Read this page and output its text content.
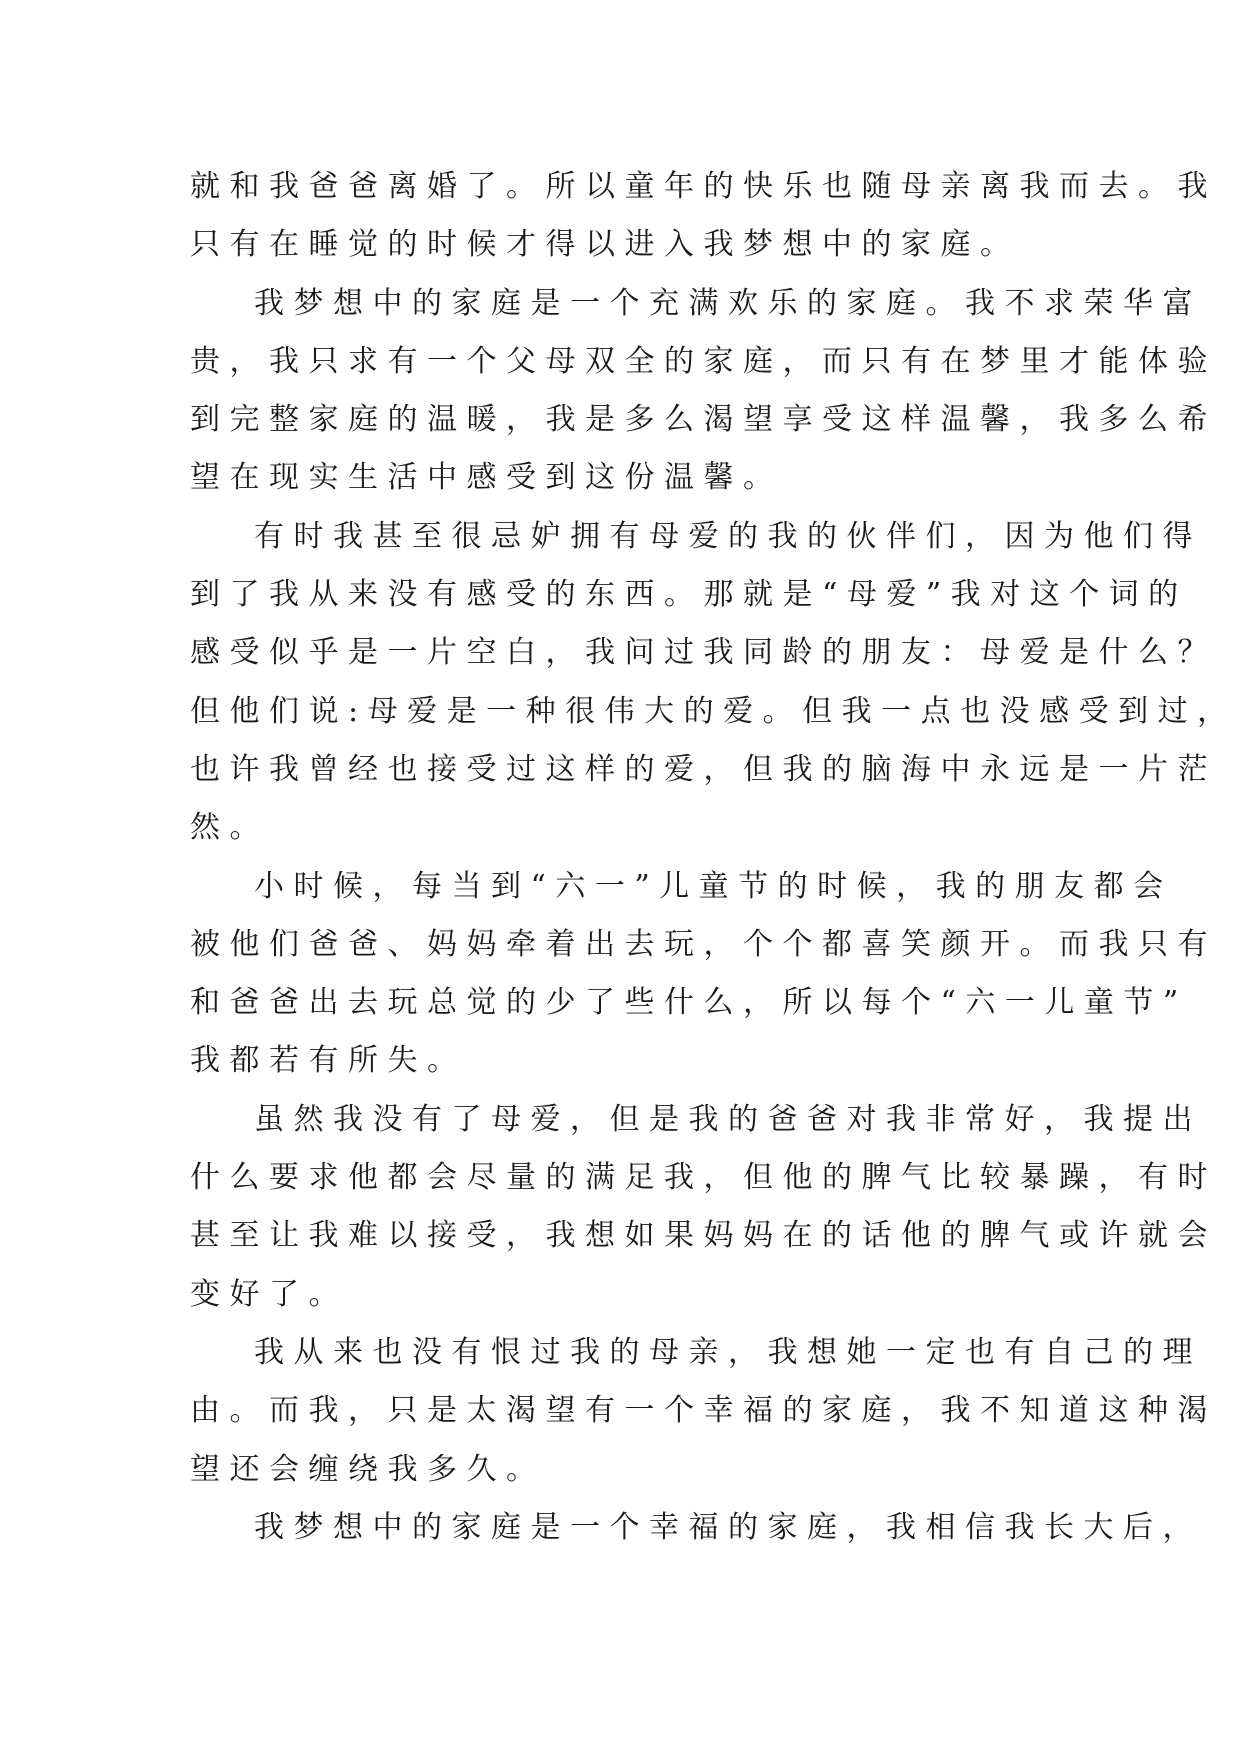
就和我爸爸离婚了。所以童年的快乐也随母亲离我而去。我
只有在睡觉的时候才得以进入我梦想中的家庭。
我梦想中的家庭是一个充满欢乐的家庭。我不求荣华富
贵，我只求有一个父母双全的家庭，而只有在梦里才能体验
到完整家庭的温暖，我是多么渴望享受这样温馨，我多么希
望在现实生活中感受到这份温馨。
有时我甚至很忌妒拥有母爱的我的伙伴们，因为他们得
到了我从来没有感受的东西。那就是“母爱”我对这个词的
感受似乎是一片空白，我问过我同龄的朋友：母爱是什么？
但他们说:母爱是一种很伟大的爱。但我一点也没感受到过，
也许我曾经也接受过这样的爱，但我的脑海中永远是一片茫
然。
小时候，每当到“六一”儿童节的时候，我的朋友都会
被他们爸爸、妈妈牵着出去玩，个个都喜笑颜开。而我只有
和爸爸出去玩总觉的少了些什么，所以每个“六一儿童节”
我都若有所失。
虽然我没有了母爱，但是我的爸爸对我非常好，我提出
什么要求他都会尽量的满足我，但他的脾气比较暴躁，有时
甚至让我难以接受，我想如果妈妈在的话他的脾气或许就会
变好了。
我从来也没有恨过我的母亲，我想她一定也有自己的理
由。而我，只是太渴望有一个幸福的家庭，我不知道这种渴
望还会缠绕我多久。
我梦想中的家庭是一个幸福的家庭，我相信我长大后，
